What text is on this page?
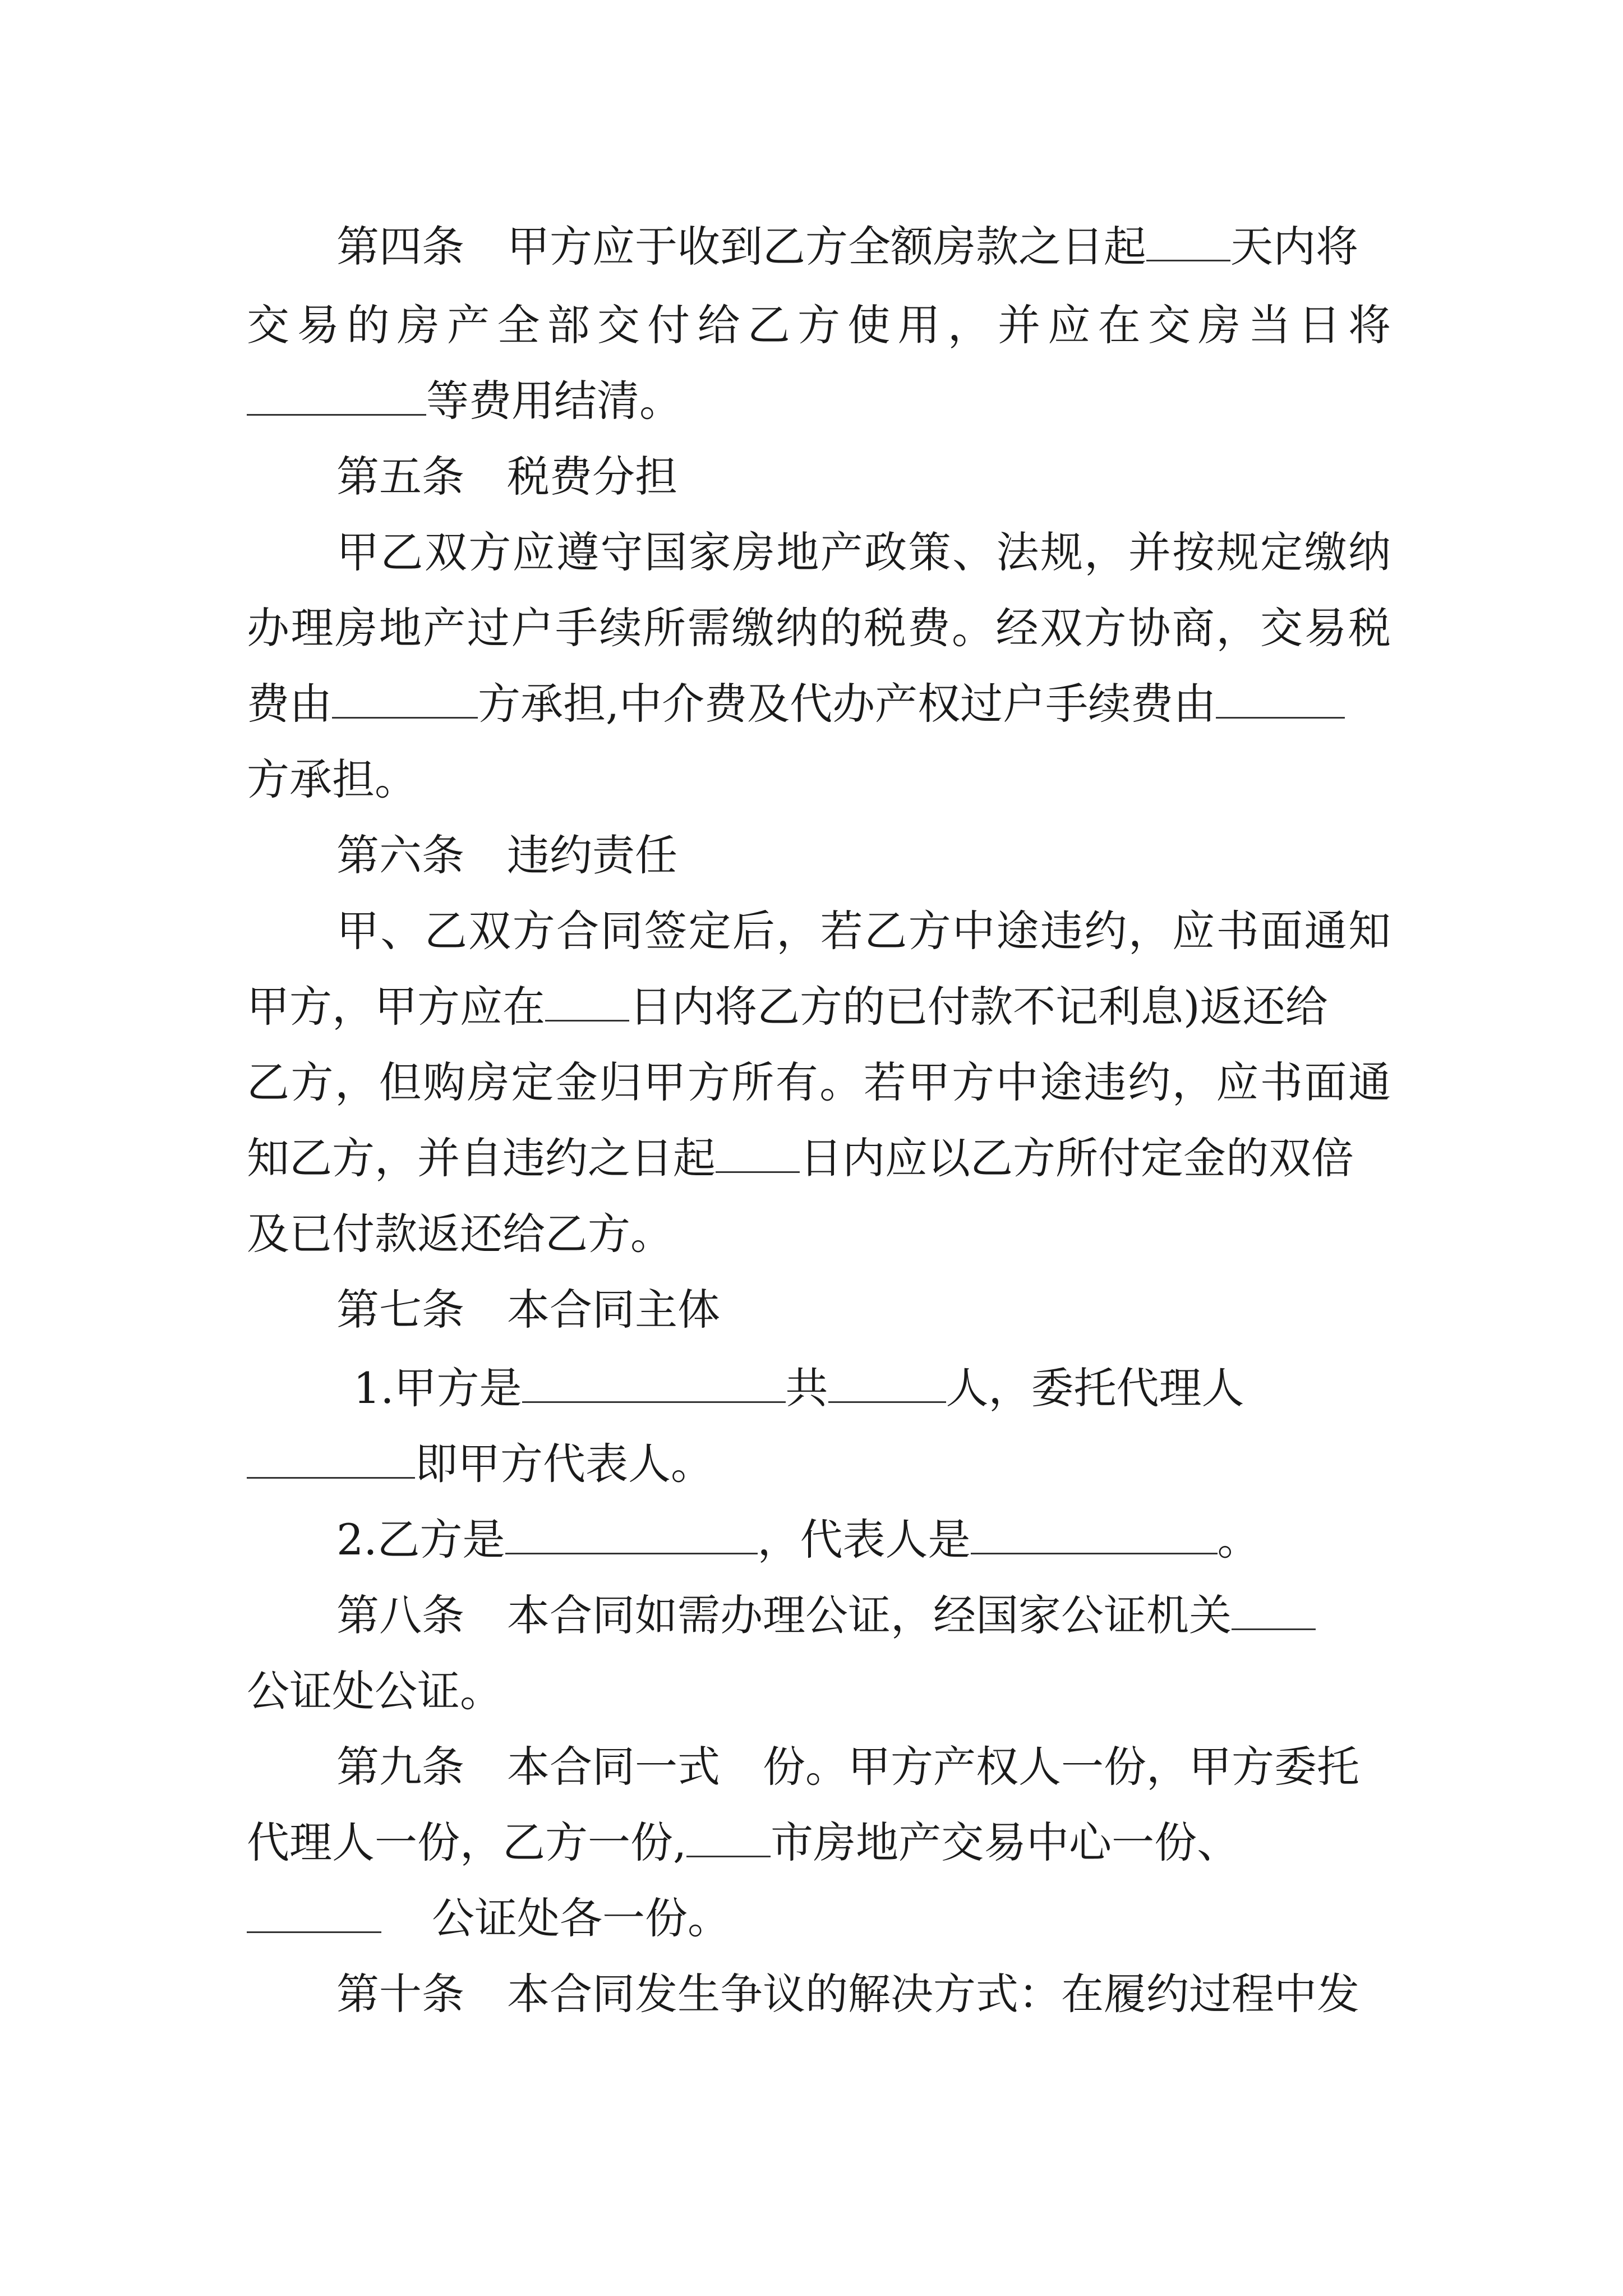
第四条 甲方应于收到乙方全额房款之日起 天内将
交易的房产全部交付给乙方使用，并应在交房当日将
等费用结清。
第五条 税费分担
甲乙双方应遵守国家房地产政策、法规，并按规定缴纳
办理房地产过户手续所需缴纳的税费。经双方协商，交易税
费由	方承担,中介费及代办产权过户手续费由
方承担。
第六条 违约责任
甲、乙双方合同签定后，若乙方中途违约，应书面通知
甲方，甲方应在 日内将乙方的已付款不记利息)返还给
乙方，但购房定金归甲方所有。若甲方中途违约，应书面通
知乙方，并自违约之日起 日内应以乙方所付定金的双倍
及已付款返还给乙方。
第七条 本合同主体
1.甲方是	共	人，委托代理人
即甲方代表人。
2.乙方是	，代表人是	。
第八条 本合同如需办理公证，经国家公证机关
公证处公证。
第九条 本合同一式 份。甲方产权人一份，甲方委托
代理人一份，乙方一份, 市房地产交易中心一份、
公证处各一份。
第十条 本合同发生争议的解决方式：在履约过程中发
